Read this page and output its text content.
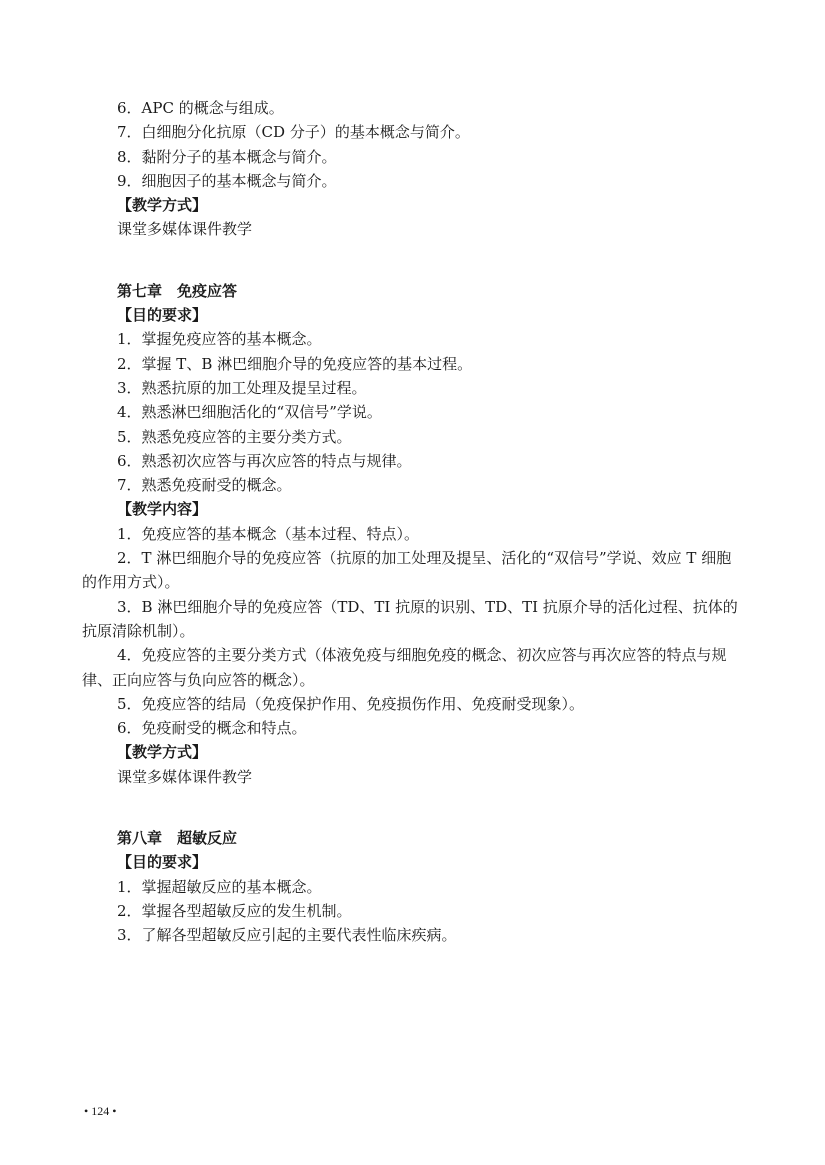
6．APC 的概念与组成。
7．白细胞分化抗原（CD 分子）的基本概念与简介。
8．黏附分子的基本概念与简介。
9．细胞因子的基本概念与简介。
【教学方式】
课堂多媒体课件教学
第七章　免疫应答
【目的要求】
1．掌握免疫应答的基本概念。
2．掌握 T、B 淋巴细胞介导的免疫应答的基本过程。
3．熟悉抗原的加工处理及提呈过程。
4．熟悉淋巴细胞活化的“双信号”学说。
5．熟悉免疫应答的主要分类方式。
6．熟悉初次应答与再次应答的特点与规律。
7．熟悉免疫耐受的概念。
【教学内容】

1．免疫应答的基本概念（基本过程、特点）。

2．T 淋巴细胞介导的免疫应答（抗原的加工处理及提呈、活化的“双信号”学说、效应 T 细胞的作用方式）。

3．B 淋巴细胞介导的免疫应答（TD、TI 抗原的识别、TD、TI 抗原介导的活化过程、抗体的抗原清除机制）。

4．免疫应答的主要分类方式（体液免疫与细胞免疫的概念、初次应答与再次应答的特点与规律、正向应答与负向应答的概念）。

5．免疫应答的结局（免疫保护作用、免疫损伤作用、免疫耐受现象）。

6．免疫耐受的概念和特点。

【教学方式】
课堂多媒体课件教学
第八章　超敏反应
【目的要求】
1．掌握超敏反应的基本概念。
2．掌握各型超敏反应的发生机制。
3．了解各型超敏反应引起的主要代表性临床疾病。
• 124 •
